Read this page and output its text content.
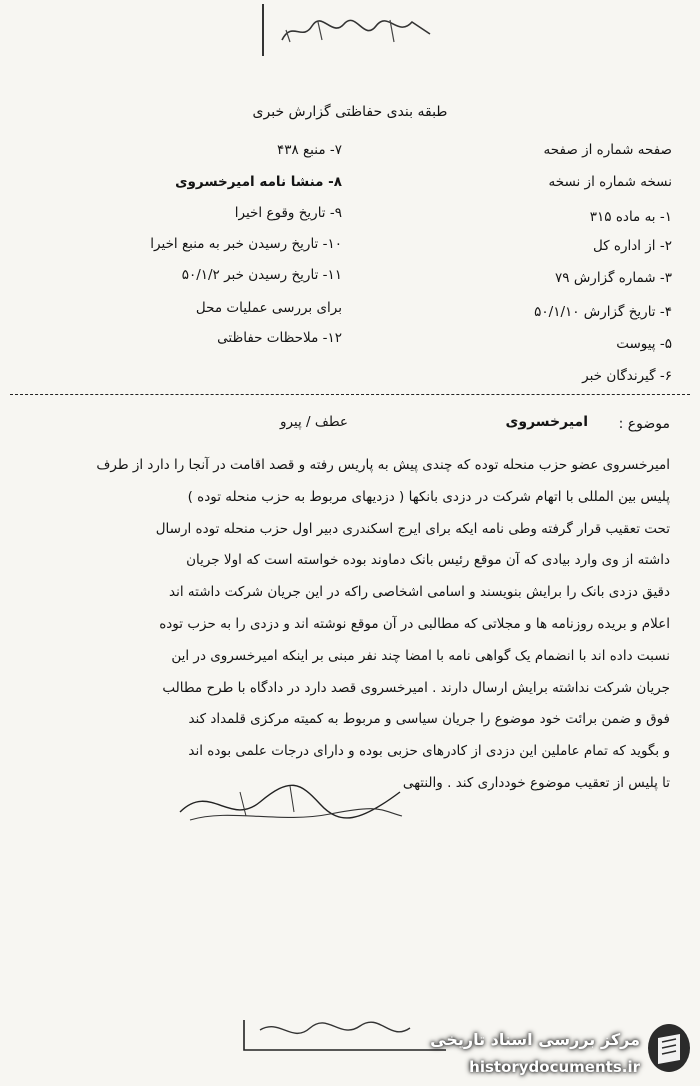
طبقه بندی حفاظتی گزارش خبری
۷- منبع ۴۳۸
۸- منشا نامه امیرخسروی
۹- تاریخ وقوع اخیرا
۱۰- تاریخ رسیدن خبر به منبع اخیرا
۱۱- تاریخ رسیدن خبر ۵۰/۱/۲
برای بررسی عملیات محل
۱۲- ملاحظات حفاظتی
صفحه شماره از صفحه
نسخه شماره از نسخه
۱- به ماده ۳۱۵
۲- از اداره کل
۳- شماره گزارش ۷۹
۴- تاریخ گزارش ۵۰/۱/۱۰
۵- پیوست
۶- گیرندگان خبر
موضوع :
امیرخسروی
عطف / پیرو

امیرخسروی عضو حزب منحله توده که چندی پیش به پاریس رفته و قصد اقامت در آنجا را دارد از طرف

پلیس بین المللی با اتهام شرکت در دزدی بانکها ( دزدیهای مربوط به حزب منحله توده )

تحت تعقیب قرار گرفته وطی نامه ایکه برای ایرج اسکندری دبیر اول حزب منحله توده ارسال

داشته از وی وارد بیادی که آن موقع رئیس بانک دماوند بوده خواسته است که اولا جریان

دقیق دزدی بانک را برایش بنویسند و اسامی اشخاصی راکه در این جریان شرکت داشته اند

اعلام و بریده روزنامه ها و مجلاتی که مطالبی در آن موقع نوشته اند و دزدی را به حزب توده

نسبت داده اند با انضمام یک گواهی نامه با امضا چند نفر مبنی بر اینکه امیرخسروی در این

جریان شرکت نداشته برایش ارسال دارند . امیرخسروی قصد دارد در دادگاه با طرح مطالب

فوق و ضمن برائت خود موضوع را جریان سیاسی و مربوط به کمیته مرکزی قلمداد کند

و بگوید که تمام عاملین این دزدی از کادرهای حزبی بوده و دارای درجات علمی بوده اند

تا پلیس از تعقیب موضوع خودداری کند . والنتهی

مرکز بررسی اسناد تاریخی
historydocuments.ir
